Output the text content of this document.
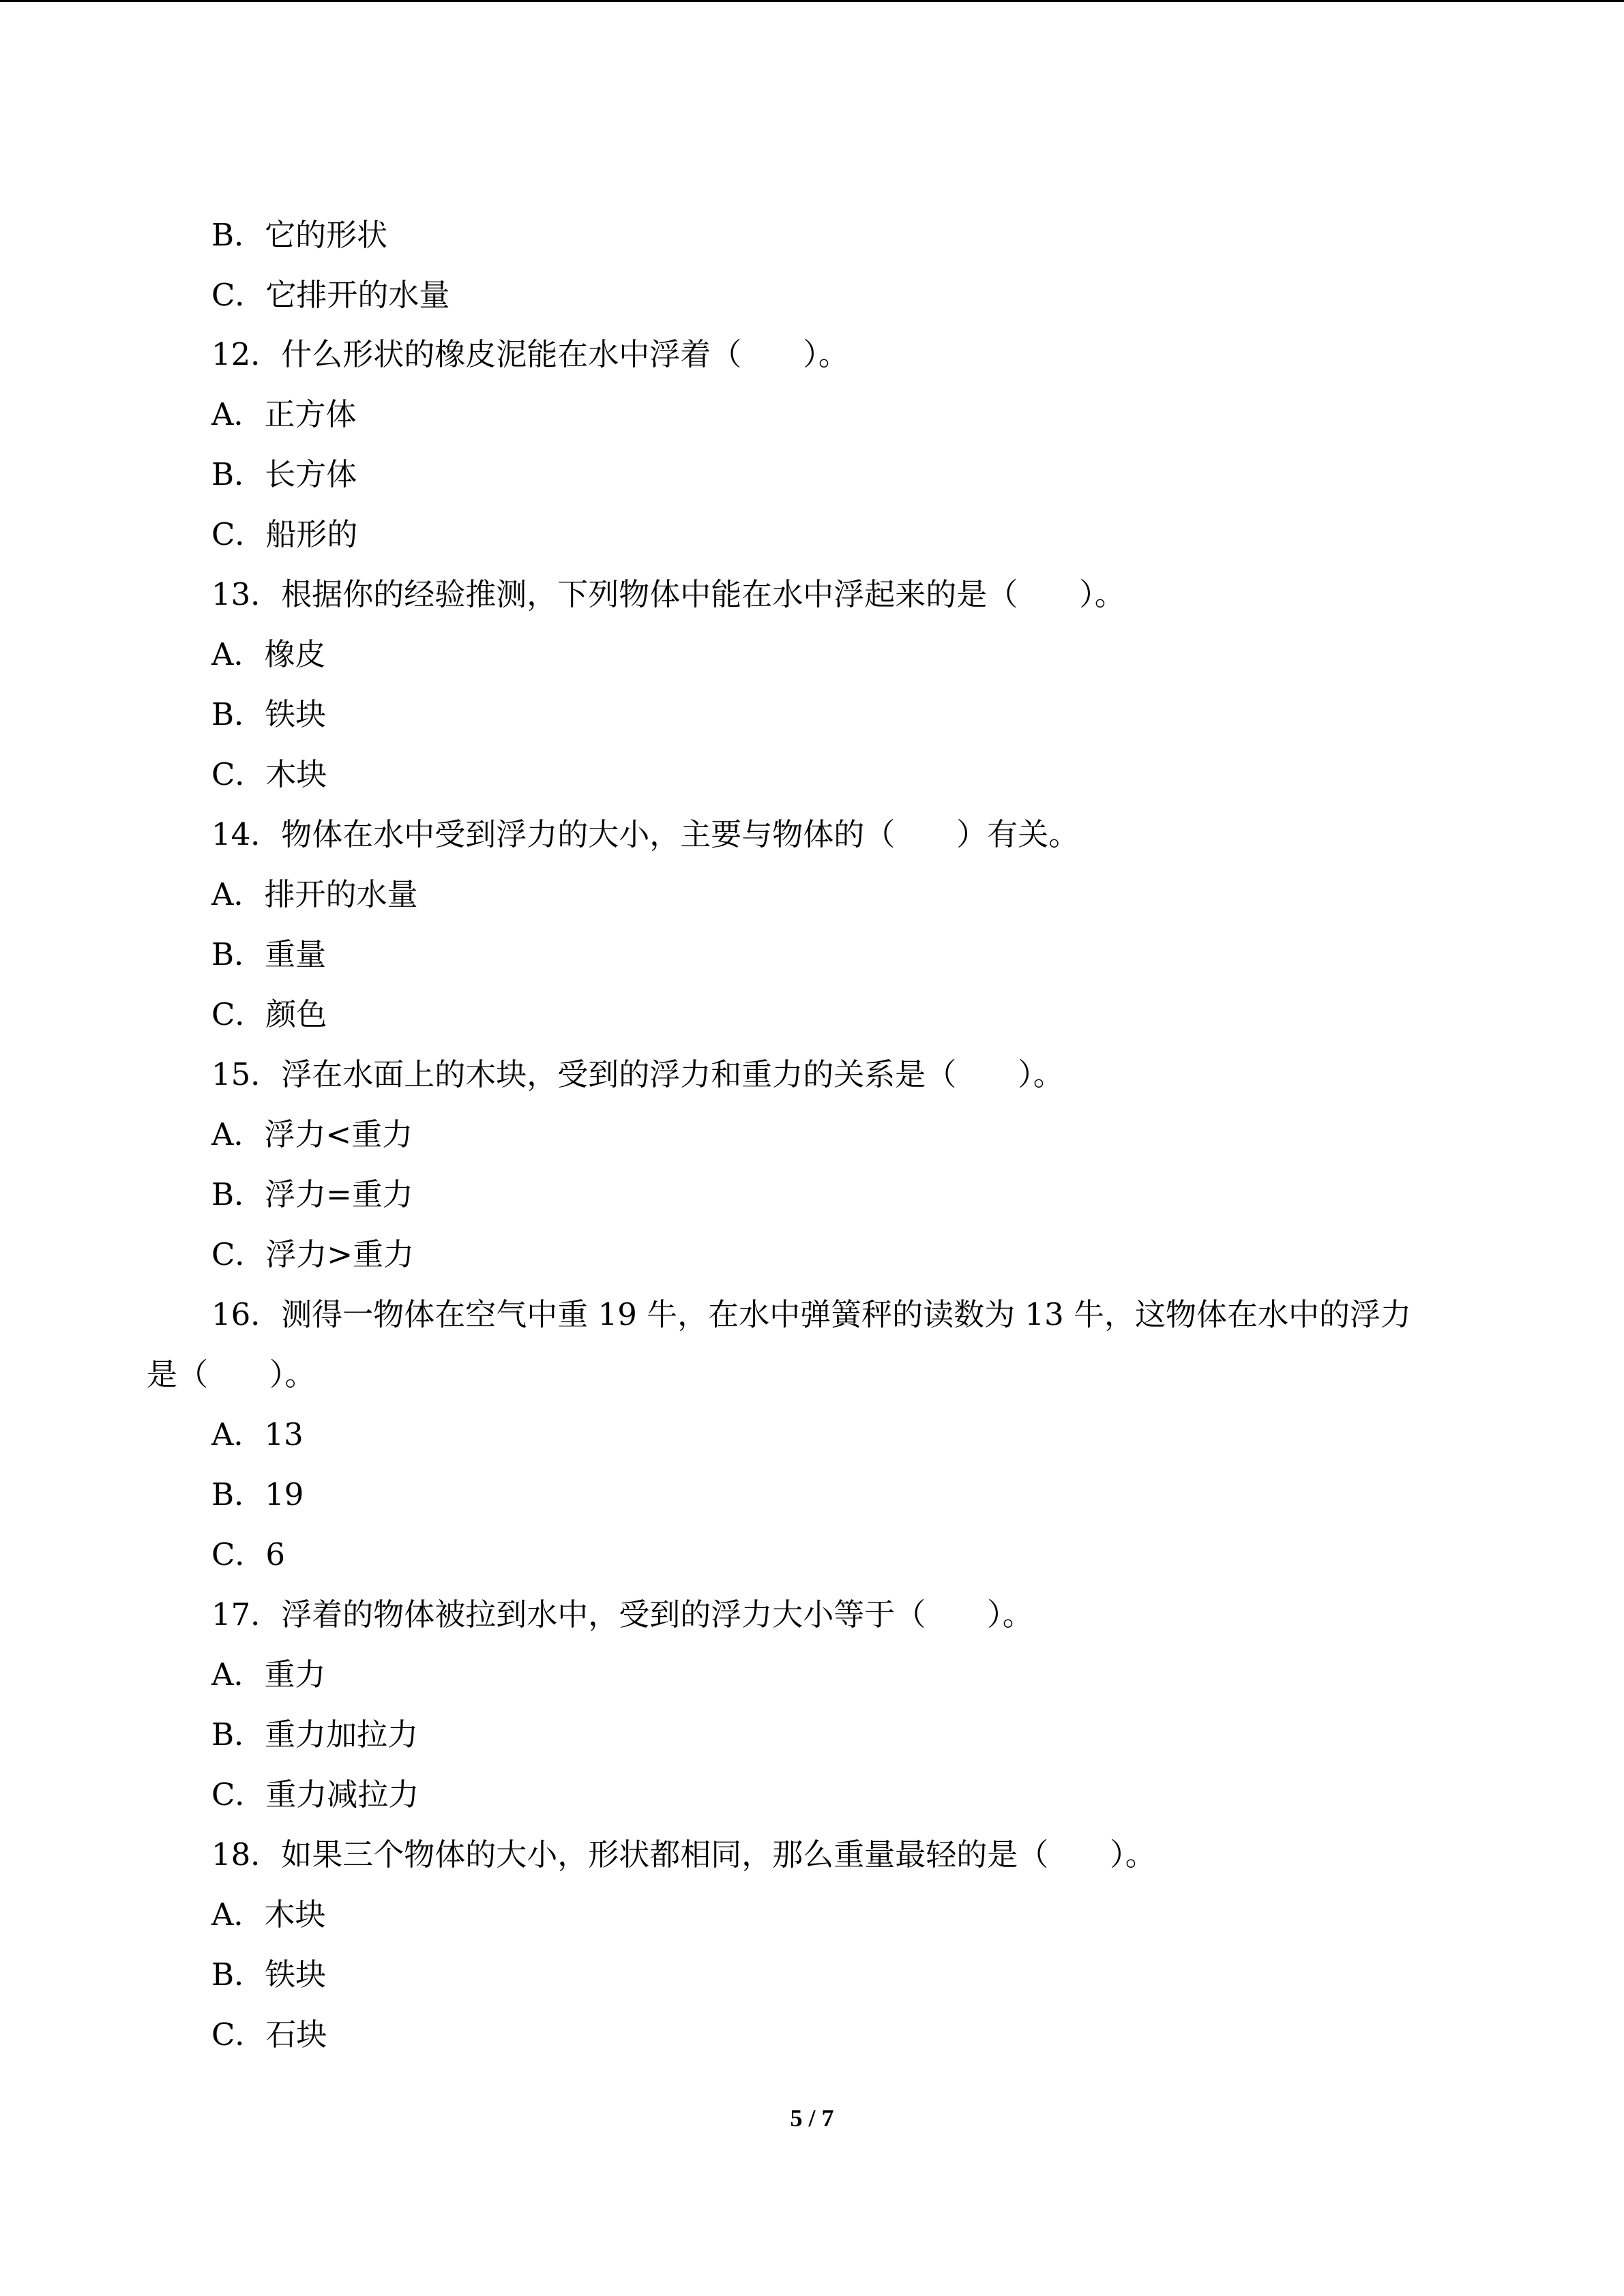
B．它的形状
C．它排开的水量
12．什么形状的橡皮泥能在水中浮着（　　）。
A．正方体
B．长方体
C．船形的
13．根据你的经验推测，下列物体中能在水中浮起来的是（　　）。
A．橡皮
B．铁块
C．木块
14．物体在水中受到浮力的大小，主要与物体的（　　）有关。
A．排开的水量
B．重量
C．颜色
15．浮在水面上的木块，受到的浮力和重力的关系是（　　）。
A．浮力<重力
B．浮力=重力
C．浮力>重力
16．测得一物体在空气中重 19 牛，在水中弹簧秤的读数为 13 牛，这物体在水中的浮力
是（　　）。
A．13
B．19
C．6
17．浮着的物体被拉到水中，受到的浮力大小等于（　　）。
A．重力
B．重力加拉力
C．重力减拉力
18．如果三个物体的大小，形状都相同，那么重量最轻的是（　　）。
A．木块
B．铁块
C．石块
5 / 7
